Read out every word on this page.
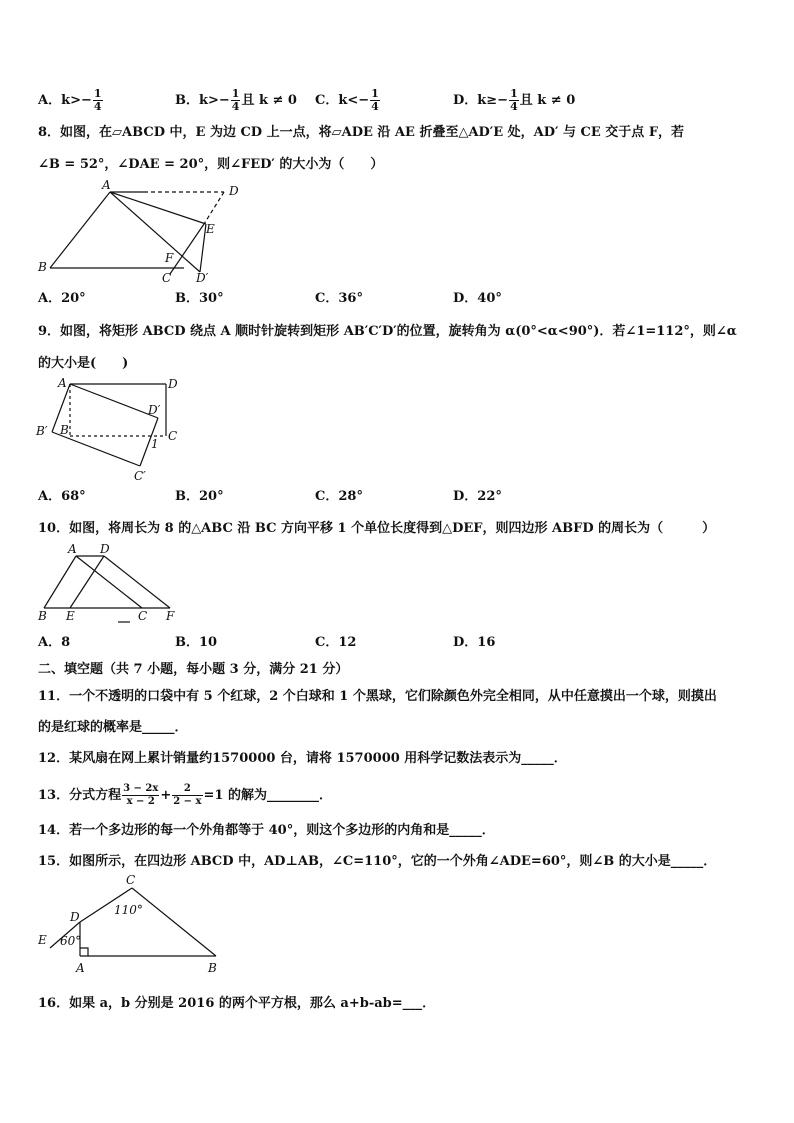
A．$k>- \frac{1}{4}$	B．$k>- \frac{1}{4}$ 且 k ≠ 0 C．$k<- \frac{1}{4}$	D．$k\ge- \frac{1}{4}$ 且 k ≠ 0
8．如图，在▱ABCD 中，E 为边 CD 上一点，将▱ADE 沿 AE 折叠至△AD′E 处，AD′ 与 CE 交于点 F，若
∠B = 52°，∠DAE = 20°，则∠FED′ 的大小为（　　）
A	D
E
B
F
C D′
A．20°	B．30°	C．36°	D．40°
9．如图，将矩形 ABCD 绕点 A 顺时针旋转到矩形 AB′C′D′的位置，旋转角为 α(0°<α<90°)．若∠1=112°，则∠α
的大小是(　　)
A	D
D′
B′ B	C
1
C′
A．68°	B．20°	C．28°	D．22°
10．如图，将周长为 8 的△ABC 沿 BC 方向平移 1 个单位长度得到△DEF，则四边形 ABFD 的周长为（　　　）
A D
B E	C F
A．8	B．10	C．12	D．16
二、填空题（共 7 小题，每小题 3 分，满分 21 分）
11．一个不透明的口袋中有 5 个红球，2 个白球和 1 个黑球，它们除颜色外完全相同，从中任意摸出一个球，则摸出
的是红球的概率是_____．
12．某风扇在网上累计销量约1570000 台，请将 1570000 用科学记数法表示为_____．
13．分式方程 $\frac{3 - 2x}{x - 2} + \frac{2}{2 - x} =1$ 的解为________．
14．若一个多边形的每一个外角都等于 40°，则这个多边形的内角和是_____．
15．如图所示，在四边形 ABCD 中，AD⊥AB，∠C=110°，它的一个外角∠ADE=60°，则∠B 的大小是_____．
C
110°
D
E 60°
A	B
16．如果 a，b 分别是 2016 的两个平方根，那么 a+b-ab=___．
